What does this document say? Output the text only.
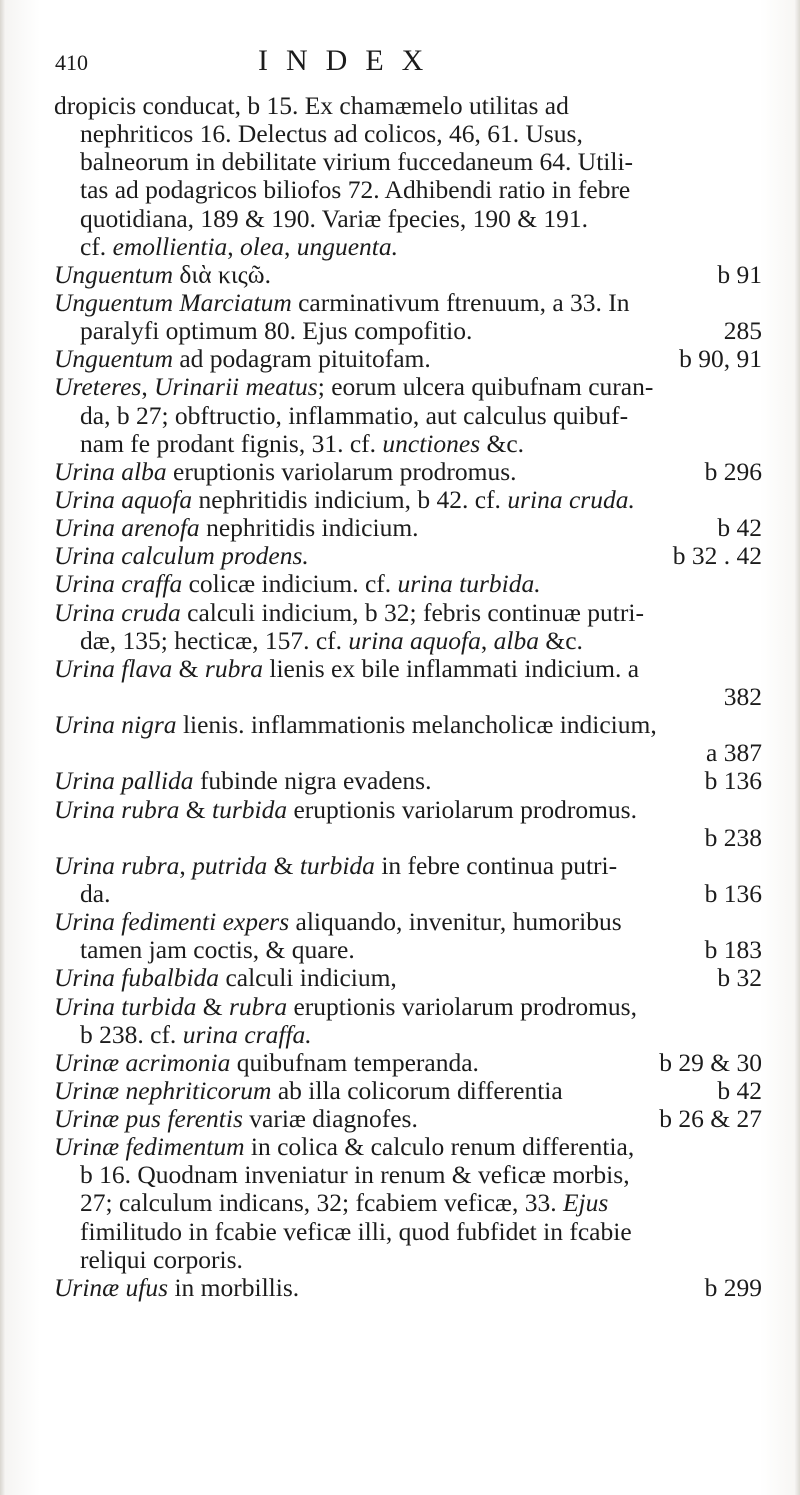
410	INDEX
dropicis conducat, b 15. Ex chamæmelo utilitas ad
nephriticos 16. Delectus ad colicos, 46, 61. Usus,
balneorum in debilitate virium fuccedaneum 64. Utili-
tas ad podagricos biliofos 72. Adhibendi ratio in febre
quotidiana, 189 & 190. Variæ fpecies, 190 & 191.
cf. emollientia, olea, unguenta.
Unguentum διὰ κιςῶ.	b 91
Unguentum Marciatum carminativum ftrenuum, a 33. In
paralyfi optimum 80. Ejus compofitio.	285
Unguentum ad podagram pituitofam.	b 90, 91
Ureteres, Urinarii meatus; eorum ulcera quibufnam curan-
da, b 27; obftructio, inflammatio, aut calculus quibuf-
nam fe prodant fignis, 31. cf. unctiones &c.
Urina alba eruptionis variolarum prodromus.	b 296
Urina aquofa nephritidis indicium, b 42. cf. urina cruda.
Urina arenofa nephritidis indicium.	b 42
Urina calculum prodens.	b 32 . 42
Urina craffa colicæ indicium. cf. urina turbida.
Urina cruda calculi indicium, b 32; febris continuæ putri-
dæ, 135; hecticæ, 157. cf. urina aquofa, alba &c.
Urina flava & rubra lienis ex bile inflammati indicium. a
382
Urina nigra lienis. inflammationis melancholicæ indicium,
a 387
Urina pallida fubinde nigra evadens.	b 136
Urina rubra & turbida eruptionis variolarum prodromus.
b 238
Urina rubra, putrida & turbida in febre continua putri-
da.	b 136
Urina fedimenti expers aliquando, invenitur, humoribus
tamen jam coctis, & quare.	b 183
Urina fubalbida calculi indicium,	b 32
Urina turbida & rubra eruptionis variolarum prodromus,
b 238. cf. urina craffa.
Urinæ acrimonia quibufnam temperanda.	b 29 & 30
Urinæ nephriticorum ab illa colicorum differentia	b 42
Urinæ pus ferentis variæ diagnofes.	b 26 & 27
Urinæ fedimentum in colica & calculo renum differentia,
b 16. Quodnam inveniatur in renum & veficæ morbis,
27; calculum indicans, 32; fcabiem veficæ, 33. Ejus
fimilitudo in fcabie veficæ illi, quod fubfidet in fcabie
reliqui corporis.
Urinæ ufus in morbillis.	b 299
